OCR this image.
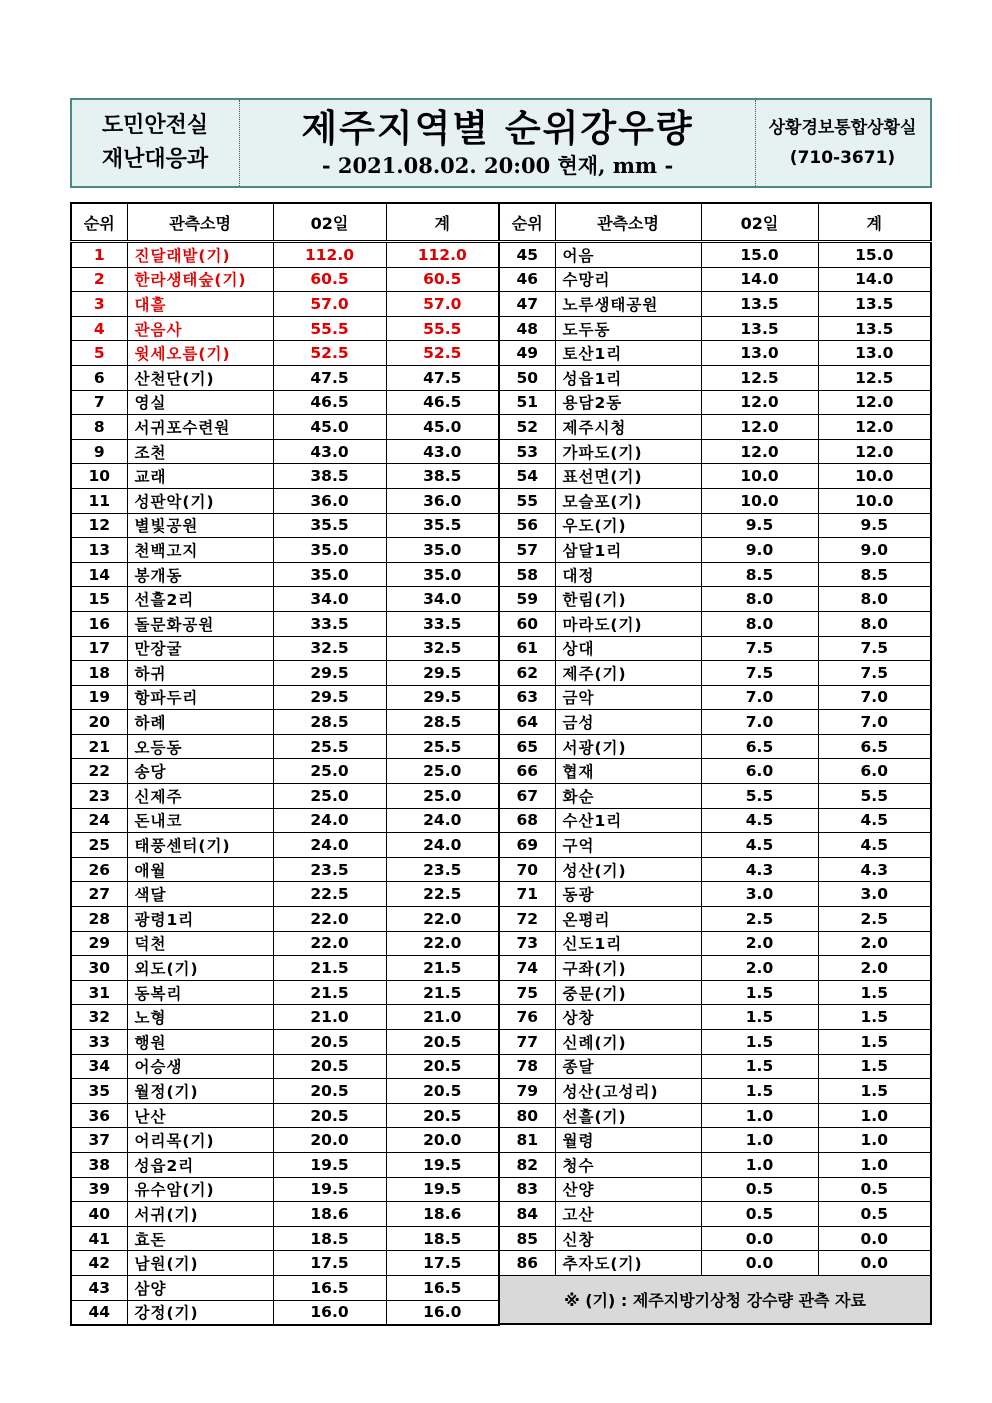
도민안전실
재난대응과
제주지역별 순위강우량
- 2021.08.02. 20:00 현재, mm -
상황경보통합상황실
(710-3671)
순위	관측소명	02일	계
1	진달래밭(기)	112.0	112.0
2	한라생태숲(기)	60.5	60.5
3	대흘	57.0	57.0
4	관음사	55.5	55.5
5	윗세오름(기)	52.5	52.5
6	산천단(기)	47.5	47.5
7	영실	46.5	46.5
8	서귀포수련원	45.0	45.0
9	조천	43.0	43.0
10	교래	38.5	38.5
11	성판악(기)	36.0	36.0
12	별빛공원	35.5	35.5
13	천백고지	35.0	35.0
14	봉개동	35.0	35.0
15	선흘2리	34.0	34.0
16	돌문화공원	33.5	33.5
17	만장굴	32.5	32.5
18	하귀	29.5	29.5
19	항파두리	29.5	29.5
20	하례	28.5	28.5
21	오등동	25.5	25.5
22	송당	25.0	25.0
23	신제주	25.0	25.0
24	돈내코	24.0	24.0
25	태풍센터(기)	24.0	24.0
26	애월	23.5	23.5
27	색달	22.5	22.5
28	광령1리	22.0	22.0
29	덕천	22.0	22.0
30	외도(기)	21.5	21.5
31	동복리	21.5	21.5
32	노형	21.0	21.0
33	행원	20.5	20.5
34	어승생	20.5	20.5
35	월정(기)	20.5	20.5
36	난산	20.5	20.5
37	어리목(기)	20.0	20.0
38	성읍2리	19.5	19.5
39	유수암(기)	19.5	19.5
40	서귀(기)	18.6	18.6
41	효돈	18.5	18.5
42	남원(기)	17.5	17.5
43	삼양	16.5	16.5
44	강정(기)	16.0	16.0
순위	관측소명	02일	계
45	어음	15.0	15.0
46	수망리	14.0	14.0
47	노루생태공원	13.5	13.5
48	도두동	13.5	13.5
49	토산1리	13.0	13.0
50	성읍1리	12.5	12.5
51	용담2동	12.0	12.0
52	제주시청	12.0	12.0
53	가파도(기)	12.0	12.0
54	표선면(기)	10.0	10.0
55	모슬포(기)	10.0	10.0
56	우도(기)	9.5	9.5
57	삼달1리	9.0	9.0
58	대정	8.5	8.5
59	한림(기)	8.0	8.0
60	마라도(기)	8.0	8.0
61	상대	7.5	7.5
62	제주(기)	7.5	7.5
63	금악	7.0	7.0
64	금성	7.0	7.0
65	서광(기)	6.5	6.5
66	협재	6.0	6.0
67	화순	5.5	5.5
68	수산1리	4.5	4.5
69	구억	4.5	4.5
70	성산(기)	4.3	4.3
71	동광	3.0	3.0
72	온평리	2.5	2.5
73	신도1리	2.0	2.0
74	구좌(기)	2.0	2.0
75	중문(기)	1.5	1.5
76	상창	1.5	1.5
77	신례(기)	1.5	1.5
78	종달	1.5	1.5
79	성산(고성리)	1.5	1.5
80	선흘(기)	1.0	1.0
81	월령	1.0	1.0
82	청수	1.0	1.0
83	산양	0.5	0.5
84	고산	0.5	0.5
85	신창	0.0	0.0
86	추자도(기)	0.0	0.0
※ (기) : 제주지방기상청 강수량 관측 자료			
